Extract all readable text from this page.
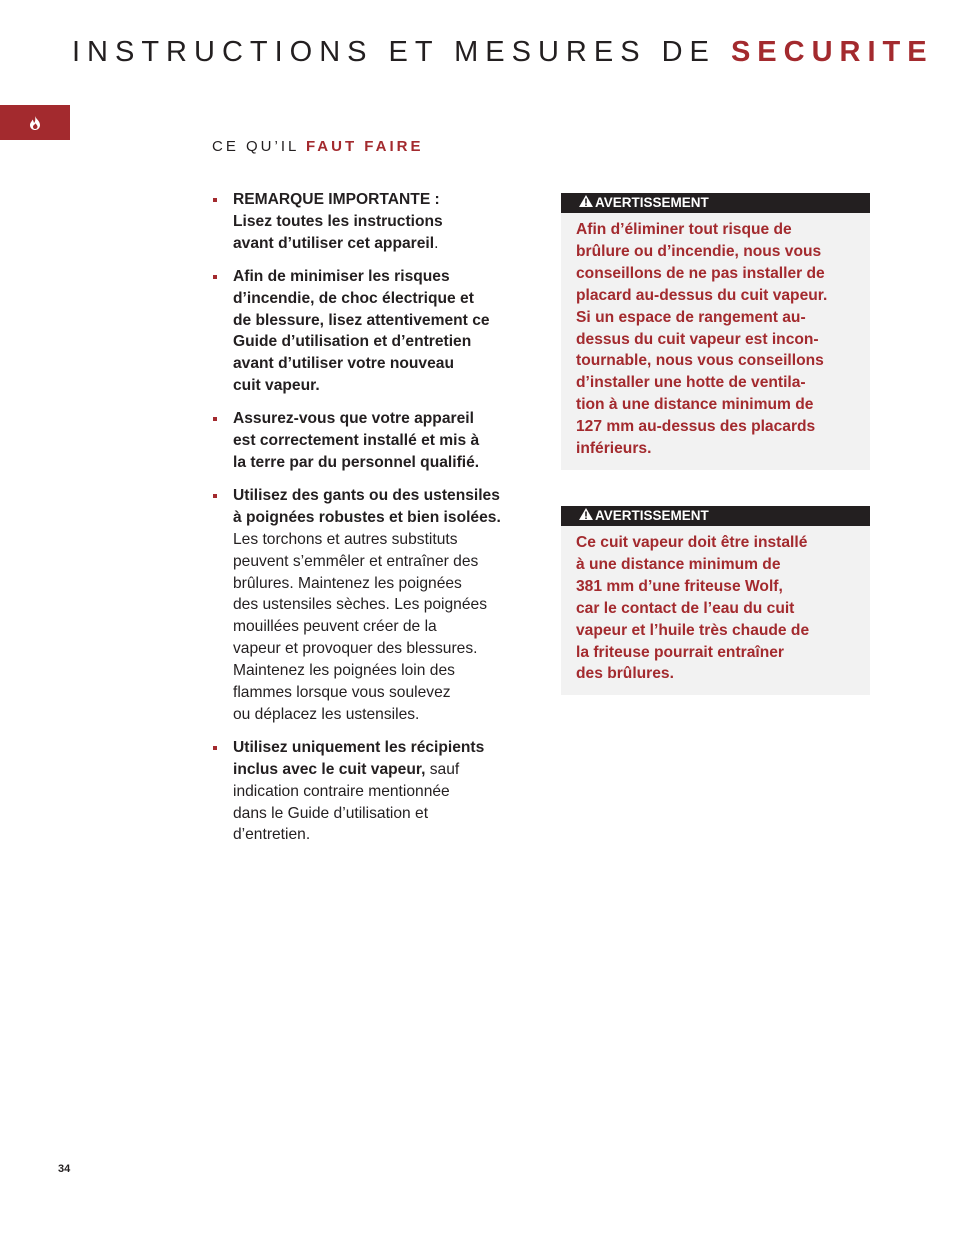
INSTRUCTIONS ET MESURES DE SECURITE
CE QU’IL FAUT FAIRE
REMARQUE IMPORTANTE :
Lisez toutes les instructions
avant d’utiliser cet appareil.
Afin de minimiser les risques
d’incendie, de choc électrique et
de blessure, lisez attentivement ce
Guide d’utilisation et d’entretien
avant d’utiliser votre nouveau
cuit vapeur.
Assurez-vous que votre appareil
est correctement installé et mis à
la terre par du personnel qualifié.
Utilisez des gants ou des ustensiles
à poignées robustes et bien isolées.
Les torchons et autres substituts
peuvent s’emmêler et entraîner des
brûlures. Maintenez les poignées
des ustensiles sèches. Les poignées
mouillées peuvent créer de la
vapeur et provoquer des blessures.
Maintenez les poignées loin des
flammes lorsque vous soulevez
ou déplacez les ustensiles.
Utilisez uniquement les récipients
inclus avec le cuit vapeur, sauf
indication contraire mentionnée
dans le Guide d’utilisation et
d’entretien.
AVERTISSEMENT
Afin d’éliminer tout risque de
brûlure ou d’incendie, nous vous
conseillons de ne pas installer de
placard au-dessus du cuit vapeur.
Si un espace de rangement au-
dessus du cuit vapeur est incon-
tournable, nous vous conseillons
d’installer une hotte de ventila-
tion à une distance minimum de
127 mm au-dessus des placards
inférieurs.
AVERTISSEMENT
Ce cuit vapeur doit être installé
à une distance minimum de
381 mm d’une friteuse Wolf,
car le contact de l’eau du cuit
vapeur et l’huile très chaude de
la friteuse pourrait entraîner
des brûlures.
34
